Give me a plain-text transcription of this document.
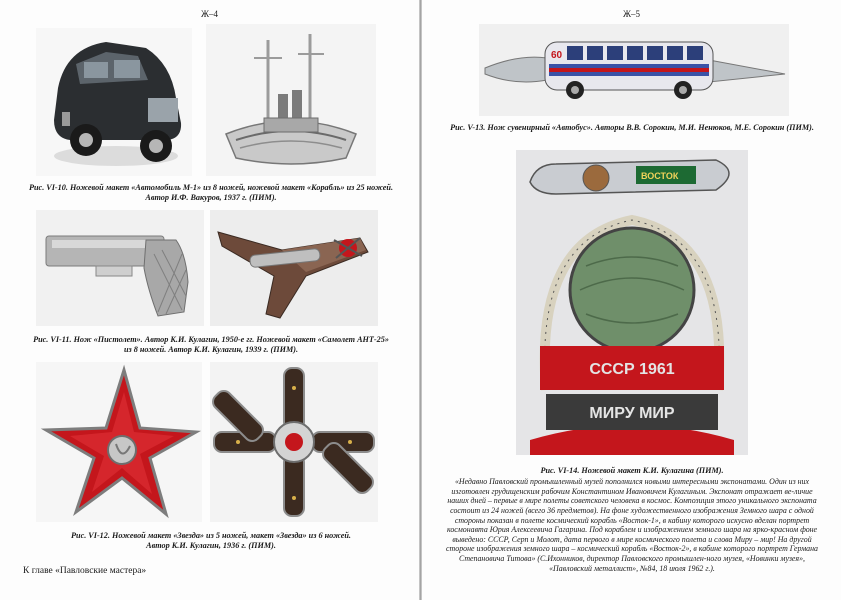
Ж–4
Рис. VI-10. Ножевой макет «Автомобиль М-1» из 8 ножей, ножевой макет «Корабль» из 25 ножей.
Автор И.Ф. Вакуров, 1937 г. (ПИМ).
Рис. VI-11. Нож «Пистолет». Автор К.И. Кулагин, 1950-е гг. Ножевой макет «Самолет АНТ-25»
из 8 ножей. Автор К.И. Кулагин, 1939 г. (ПИМ).
Рис. VI-12. Ножевой макет «Звезда» из 5 ножей, макет «Звезда» из 6 ножей.
Автор К.И. Кулагин, 1936 г. (ПИМ).
К главе «Павловские мастера»
Ж–5
60
Рис. V-13. Нож сувенирный «Автобус». Авторы В.В. Сорокин, М.И. Ненюков, М.Е. Сорокин (ПИМ).
ВОСТОК
СССР 1961
МИРУ МИР
Рис. VI-14. Ножевой макет К.И. Кулагина (ПИМ).
«Недавно Павловский промышленный музей пополнился новыми интересными экспонатами. Один из них изготовлен грудищенским рабочим Константином Ивановичем Кулагиным. Экспонат отражает ве-личие наших дней – первые в мире полеты советского человека в космос. Композиция этого уникального экспоната состоит из 24 ножей (всего 36 предметов). На фоне художественного изображения Земного шара с одной стороны показан в полете космический корабль «Восток-1», в кабину которого искусно вделан портрет космонавта Юрия Алексеевича Гагарина. Под кораблем и изображением земного шара на ярко-красном фоне выведено: СССР, Серп и Молот, дата первого в мире космического полета и слова Миру – мир! На другой стороне изображения земного шара – космический корабль «Восток-2», в кабине которого портрет Германа Степановича Титова» (С.Ихонников, директор Павловского промышлен-ного музея, «Новинки музея», «Павловский металлист», №84, 18 июля 1962 г.).
